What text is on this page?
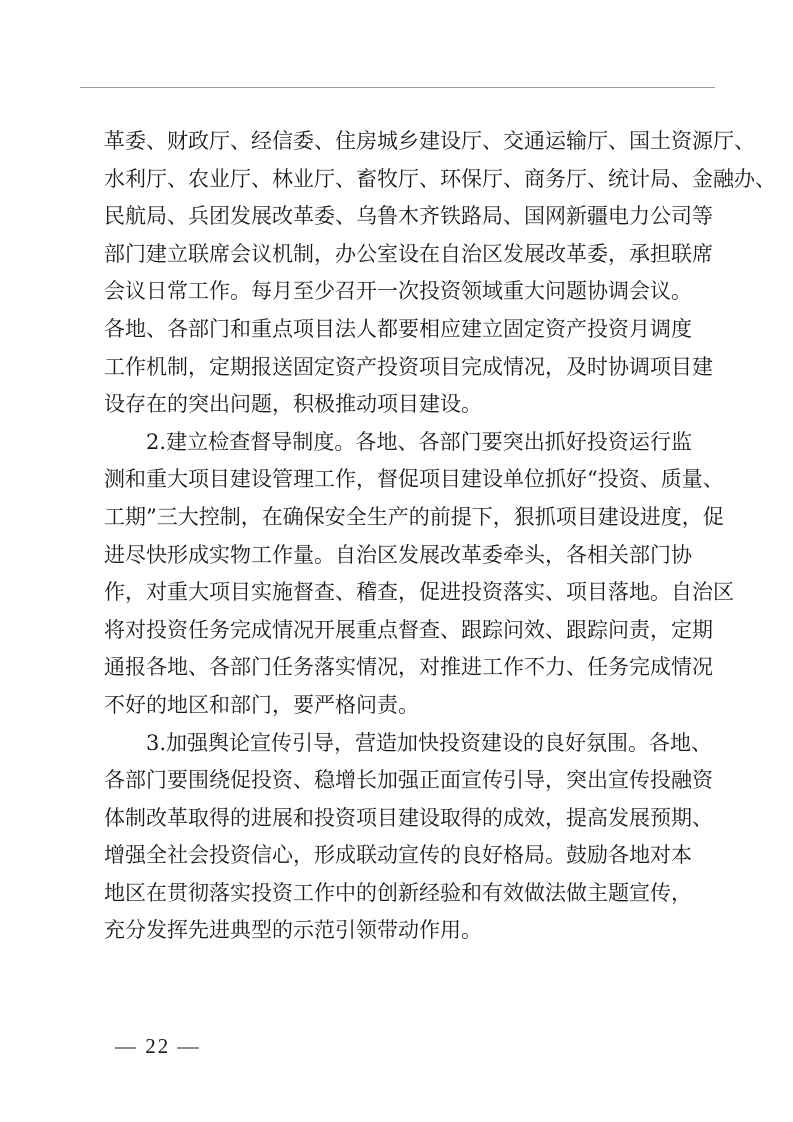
革委、财政厅、经信委、住房城乡建设厅、交通运输厅、国土资源厅、
水利厅、农业厅、林业厅、畜牧厅、环保厅、商务厅、统计局、金融办、
民航局、兵团发展改革委、乌鲁木齐铁路局、国网新疆电力公司等
部门建立联席会议机制，办公室设在自治区发展改革委，承担联席
会议日常工作。每月至少召开一次投资领域重大问题协调会议。
各地、各部门和重点项目法人都要相应建立固定资产投资月调度
工作机制，定期报送固定资产投资项目完成情况，及时协调项目建
设存在的突出问题，积极推动项目建设。
2.建立检查督导制度。各地、各部门要突出抓好投资运行监
测和重大项目建设管理工作，督促项目建设单位抓好“投资、质量、
工期”三大控制，在确保安全生产的前提下，狠抓项目建设进度，促
进尽快形成实物工作量。自治区发展改革委牵头，各相关部门协
作，对重大项目实施督查、稽查，促进投资落实、项目落地。自治区
将对投资任务完成情况开展重点督查、跟踪问效、跟踪问责，定期
通报各地、各部门任务落实情况，对推进工作不力、任务完成情况
不好的地区和部门，要严格问责。
3.加强舆论宣传引导，营造加快投资建设的良好氛围。各地、
各部门要围绕促投资、稳增长加强正面宣传引导，突出宣传投融资
体制改革取得的进展和投资项目建设取得的成效，提高发展预期、
增强全社会投资信心，形成联动宣传的良好格局。鼓励各地对本
地区在贯彻落实投资工作中的创新经验和有效做法做主题宣传，
充分发挥先进典型的示范引领带动作用。
— 22 —
